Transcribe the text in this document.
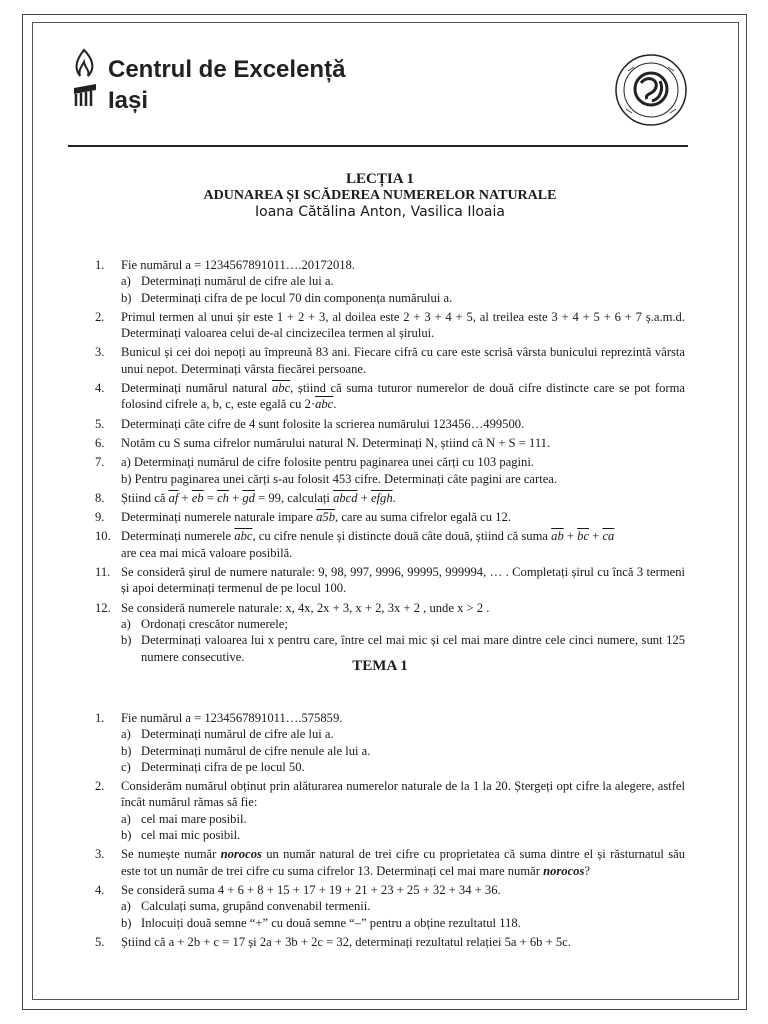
Centrul de Excelență
Iași
LECȚIA 1
ADUNAREA ȘI SCĂDEREA NUMERELOR NATURALE
Ioana Cătălina Anton, Vasilica Iloaia
1.	Fie numărul a = 1234567891011….20172018.
a) Determinați numărul de cifre ale lui a.
b) Determinați cifra de pe locul 70 din componența numărului a.
2.	Primul termen al unui șir este 1 + 2 + 3, al doilea este 2 + 3 + 4 + 5, al treilea este 3 + 4 + 5 + 6 + 7 ș.a.m.d. Determinați valoarea celui de-al cincizecilea termen al șirului.
3.	Bunicul și cei doi nepoți au împreună 83 ani. Fiecare cifră cu care este scrisă vârsta bunicului reprezintă vârsta unui nepot. Determinați vârsta fiecărei persoane.
4.	Determinați numărul natural $\overline{abc}$, știind că suma tuturor numerelor de două cifre distincte care se pot forma folosind cifrele a, b, c, este egală cu $2\cdot\overline{abc}$.
5.	Determinați câte cifre de 4 sunt folosite la scrierea numărului 123456…499500.
6.	Notăm cu S suma cifrelor numărului natural N. Determinați N, știind că N + S = 111.
7.	a) Determinați numărul de cifre folosite pentru paginarea unei cărți cu 103 pagini.
b) Pentru paginarea unei cărți s-au folosit 453 cifre. Determinați câte pagini are cartea.
8.	Știind că $\overline{af} + \overline{eb} = \overline{ch} + \overline{gd} = 99$, calculați abcd + efgh.
9.	Determinați numerele naturale impare a5b, care au suma cifrelor egală cu 12.
10. Determinați numerele $\overline{abc}$, cu cifre nenule și distincte două câte două, știind că suma $\overline{ab} + \overline{bc} + \overline{ca}$
are cea mai mică valoare posibilă.
11. Se consideră șirul de numere naturale: 9, 98, 997, 9996, 99995, 999994, … . Completați șirul cu încă 3 termeni și apoi determinați termenul de pe locul 100.
12. Se consideră numerele naturale: x, 4x, 2x + 3, x + 2, 3x + 2 , unde x > 2 .
a) Ordonați crescător numerele;
b) Determinați valoarea lui x pentru care, între cel mai mic și cel mai mare dintre cele cinci numere, sunt 125 numere consecutive.
TEMA 1
1.	Fie numărul a = 1234567891011….575859.
a) Determinați numărul de cifre ale lui a.
b) Determinați numărul de cifre nenule ale lui a.
c) Determinați cifra de pe locul 50.
2.	Considerăm numărul obținut prin alăturarea numerelor naturale de la 1 la 20. Ștergeți opt cifre la alegere, astfel încât numărul rămas să fie:
a) cel mai mare posibil.
b) cel mai mic posibil.
3.	Se numește număr norocos un număr natural de trei cifre cu proprietatea că suma dintre el și răsturnatul său este tot un număr de trei cifre cu suma cifrelor 13. Determinați cel mai mare număr norocos?
4.	Se consideră suma 4 + 6 + 8 + 15 + 17 + 19 + 21 + 23 + 25 + 32 + 34 + 36.
a) Calculați suma, grupând convenabil termenii.
b) Inlocuiți două semne “+” cu două semne “–” pentru a obține rezultatul 118.
5.	Știind că a + 2b + c = 17 și 2a + 3b + 2c = 32, determinați rezultatul relației 5a + 6b + 5c.
